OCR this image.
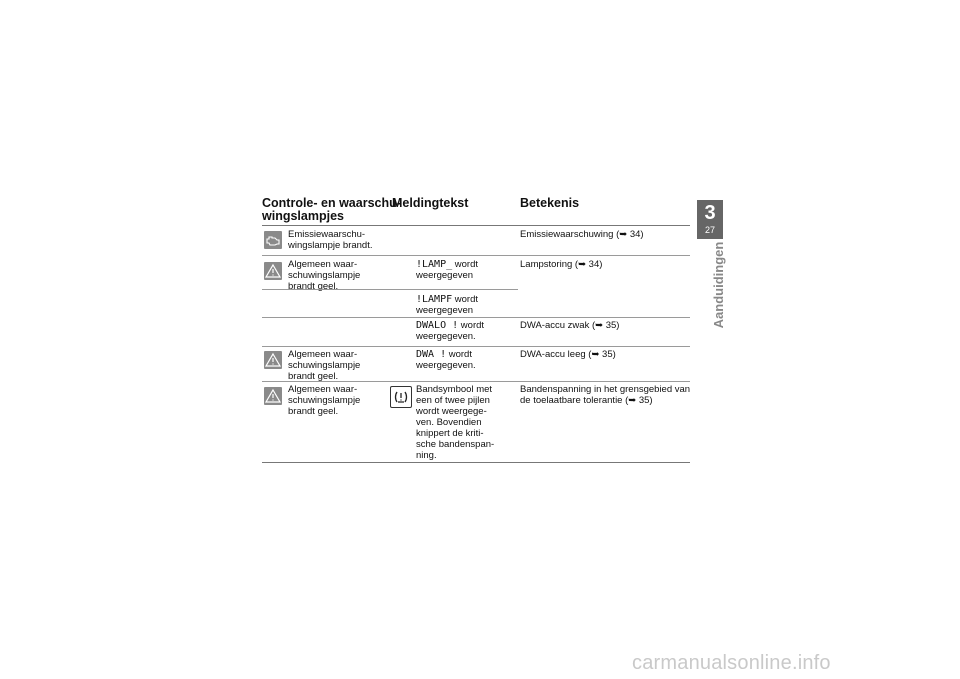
Controle- en waarschu-
wingslampjes
Meldingtekst	Betekenis
Emissiewaarschu-
wingslampje brandt.
Emissiewaarschuwing (➥ 34)
Algemeen waar-
schuwingslampje
brandt geel.
!LAMP_ wordt
weergegeven
Lampstoring (➥ 34)
!LAMPF wordt
weergegeven
DWALO ! wordt
weergegeven.
DWA-accu zwak (➥ 35)
Algemeen waar-
schuwingslampje
brandt geel.
DWA ! wordt
weergegeven.
DWA-accu leeg (➥ 35)
Algemeen waar-
schuwingslampje
brandt geel.
Bandsymbool met
een of twee pijlen
wordt weergege-
ven. Bovendien
knippert de kriti-
sche bandenspan-
ning.
Bandenspanning in het grensgebied van
de toelaatbare tolerantie (➥ 35)
3
27
Aanduidingen
carmanualsonline.info
